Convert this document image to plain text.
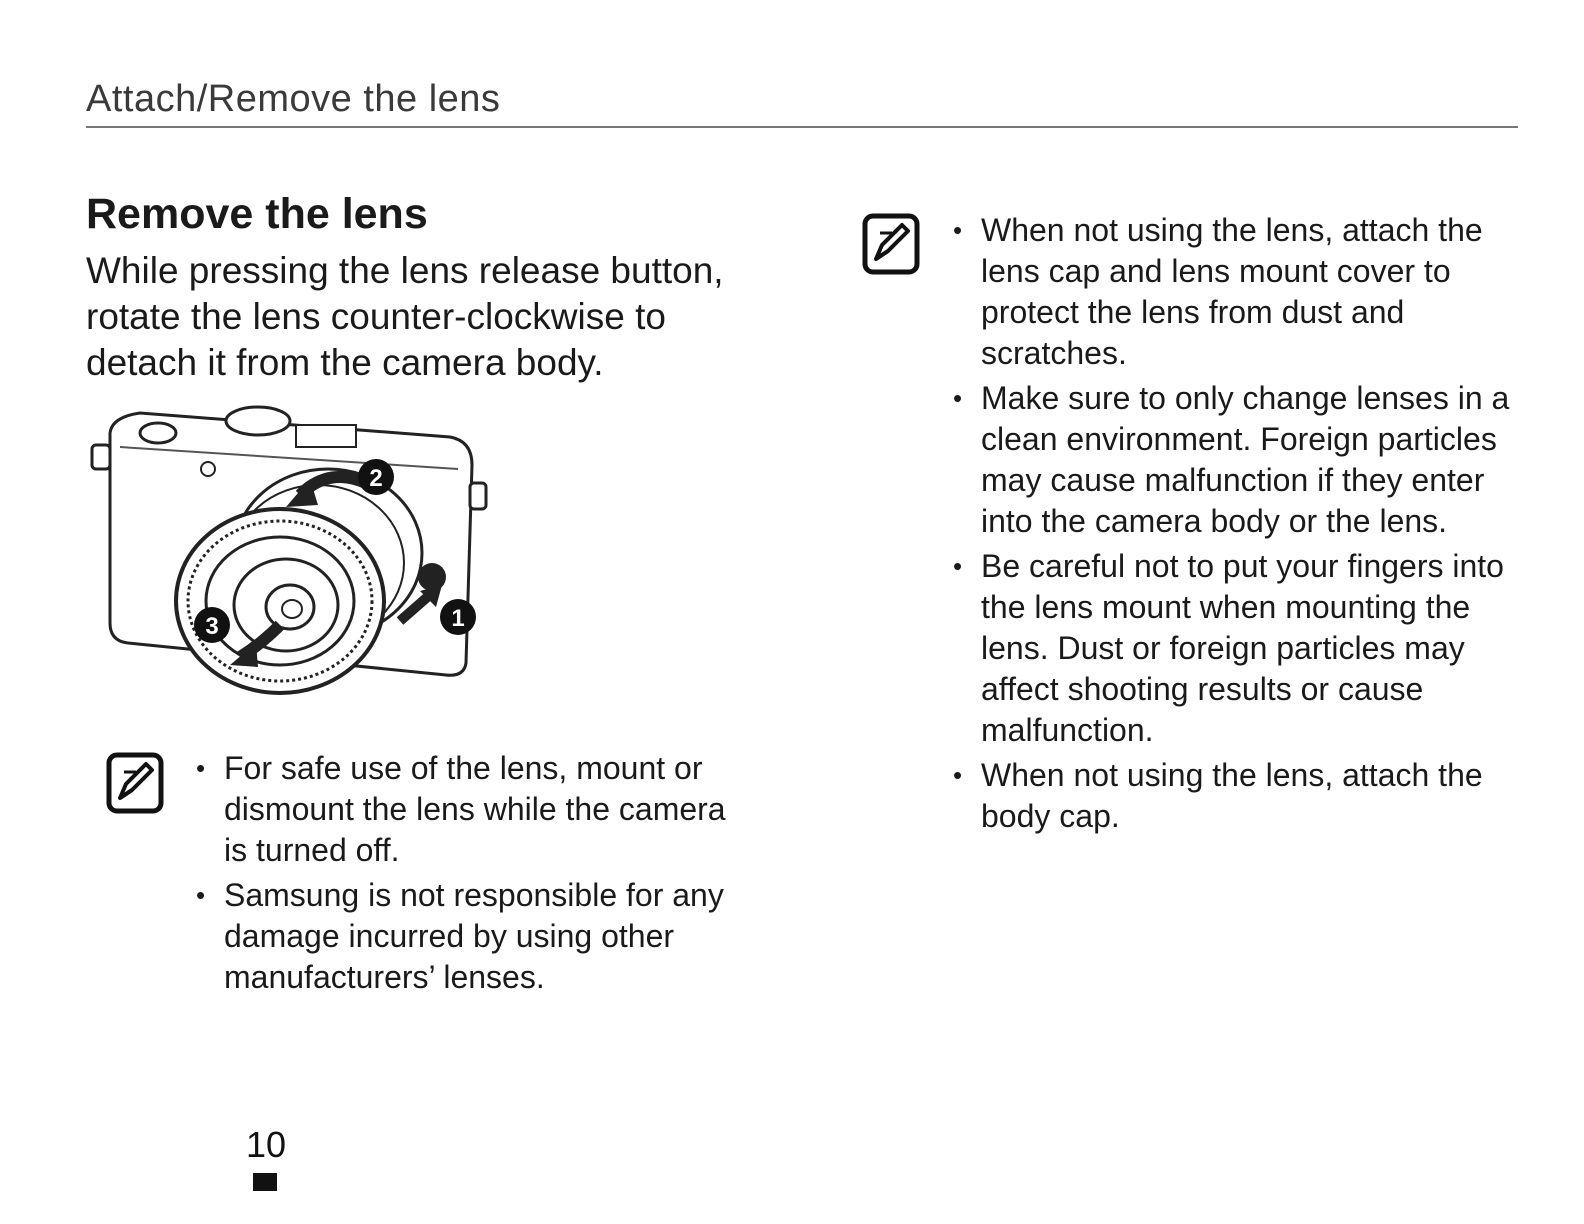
Attach/Remove the lens
Remove the lens
While pressing the lens release button, rotate the lens counter-clockwise to detach it from the camera body.
2
1
3
• For safe use of the lens, mount or dismount the lens while the camera is turned off.
• Samsung is not responsible for any damage incurred by using other manufacturers’ lenses.
• When not using the lens, attach the lens cap and lens mount cover to protect the lens from dust and scratches.
• Make sure to only change lenses in a clean environment. Foreign particles may cause malfunction if they enter into the camera body or the lens.
• Be careful not to put your fingers into the lens mount when mounting the lens. Dust or foreign particles may affect shooting results or cause malfunction.
• When not using the lens, attach the body cap.
10
